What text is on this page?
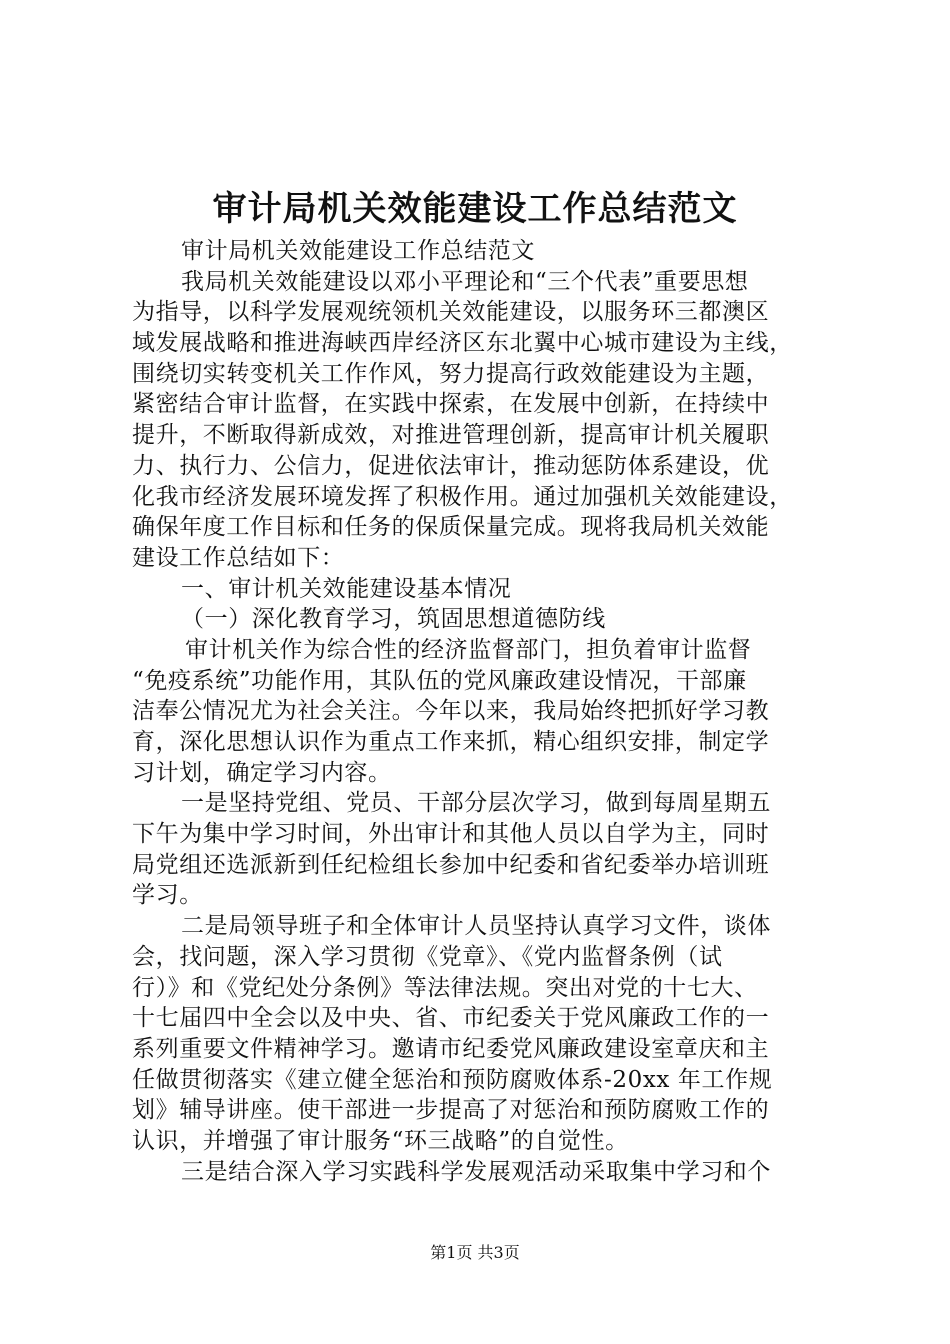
审计局机关效能建设工作总结范文
审计局机关效能建设工作总结范文
我局机关效能建设以邓小平理论和“三个代表”重要思想
为指导，以科学发展观统领机关效能建设，以服务环三都澳区
域发展战略和推进海峡西岸经济区东北翼中心城市建设为主线，
围绕切实转变机关工作作风，努力提高行政效能建设为主题，
紧密结合审计监督，在实践中探索，在发展中创新，在持续中
提升，不断取得新成效，对推进管理创新，提高审计机关履职
力、执行力、公信力，促进依法审计，推动惩防体系建设，优
化我市经济发展环境发挥了积极作用。通过加强机关效能建设，
确保年度工作目标和任务的保质保量完成。现将我局机关效能
建设工作总结如下：
一、审计机关效能建设基本情况
（一）深化教育学习，筑固思想道德防线
审计机关作为综合性的经济监督部门，担负着审计监督
“免疫系统”功能作用，其队伍的党风廉政建设情况，干部廉
洁奉公情况尤为社会关注。今年以来，我局始终把抓好学习教
育，深化思想认识作为重点工作来抓，精心组织安排，制定学
习计划，确定学习内容。
一是坚持党组、党员、干部分层次学习，做到每周星期五
下午为集中学习时间，外出审计和其他人员以自学为主，同时
局党组还选派新到任纪检组长参加中纪委和省纪委举办培训班
学习。
二是局领导班子和全体审计人员坚持认真学习文件，谈体
会，找问题，深入学习贯彻《党章》、《党内监督条例（试
行）》和《党纪处分条例》等法律法规。突出对党的十七大、
十七届四中全会以及中央、省、市纪委关于党风廉政工作的一
系列重要文件精神学习。邀请市纪委党风廉政建设室章庆和主
任做贯彻落实《建立健全惩治和预防腐败体系-20xx 年工作规
划》辅导讲座。使干部进一步提高了对惩治和预防腐败工作的
认识，并增强了审计服务“环三战略”的自觉性。
三是结合深入学习实践科学发展观活动采取集中学习和个
第1页 共3页
